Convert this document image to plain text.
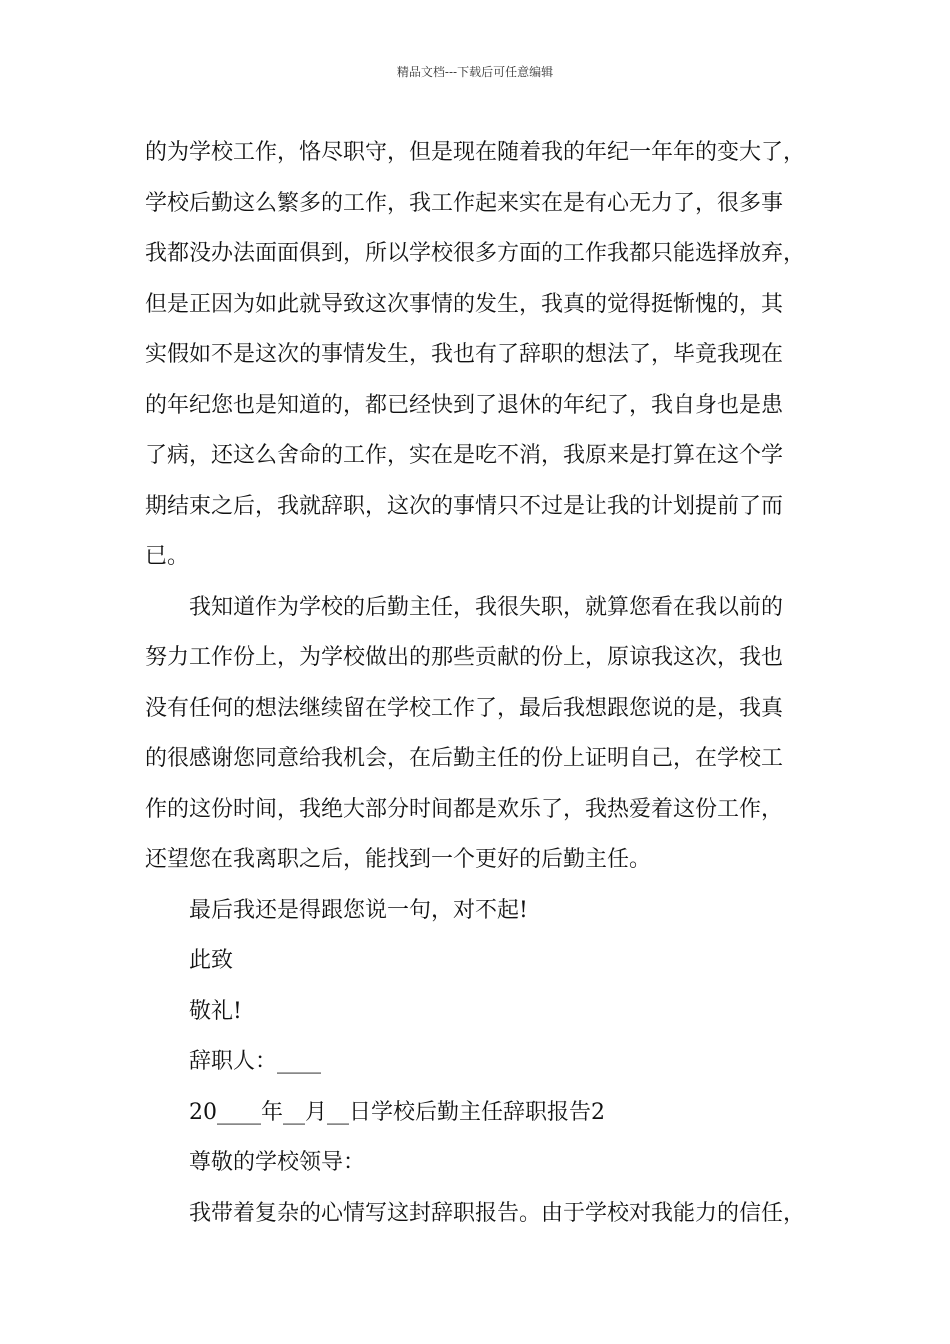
精品文档---下载后可任意编辑
的为学校工作，恪尽职守，但是现在随着我的年纪一年年的变大了，
学校后勤这么繁多的工作，我工作起来实在是有心无力了，很多事
我都没办法面面俱到，所以学校很多方面的工作我都只能选择放弃，
但是正因为如此就导致这次事情的发生，我真的觉得挺惭愧的，其
实假如不是这次的事情发生，我也有了辞职的想法了，毕竟我现在
的年纪您也是知道的，都已经快到了退休的年纪了，我自身也是患
了病，还这么舍命的工作，实在是吃不消，我原来是打算在这个学
期结束之后，我就辞职，这次的事情只不过是让我的计划提前了而
已。
我知道作为学校的后勤主任，我很失职，就算您看在我以前的
努力工作份上，为学校做出的那些贡献的份上，原谅我这次，我也
没有任何的想法继续留在学校工作了，最后我想跟您说的是，我真
的很感谢您同意给我机会，在后勤主任的份上证明自己，在学校工
作的这份时间，我绝大部分时间都是欢乐了，我热爱着这份工作，
还望您在我离职之后，能找到一个更好的后勤主任。
最后我还是得跟您说一句，对不起!
此致
敬礼!
辞职人：____
20____年__月__日学校后勤主任辞职报告2
尊敬的学校领导：
我带着复杂的心情写这封辞职报告。由于学校对我能力的信任，
